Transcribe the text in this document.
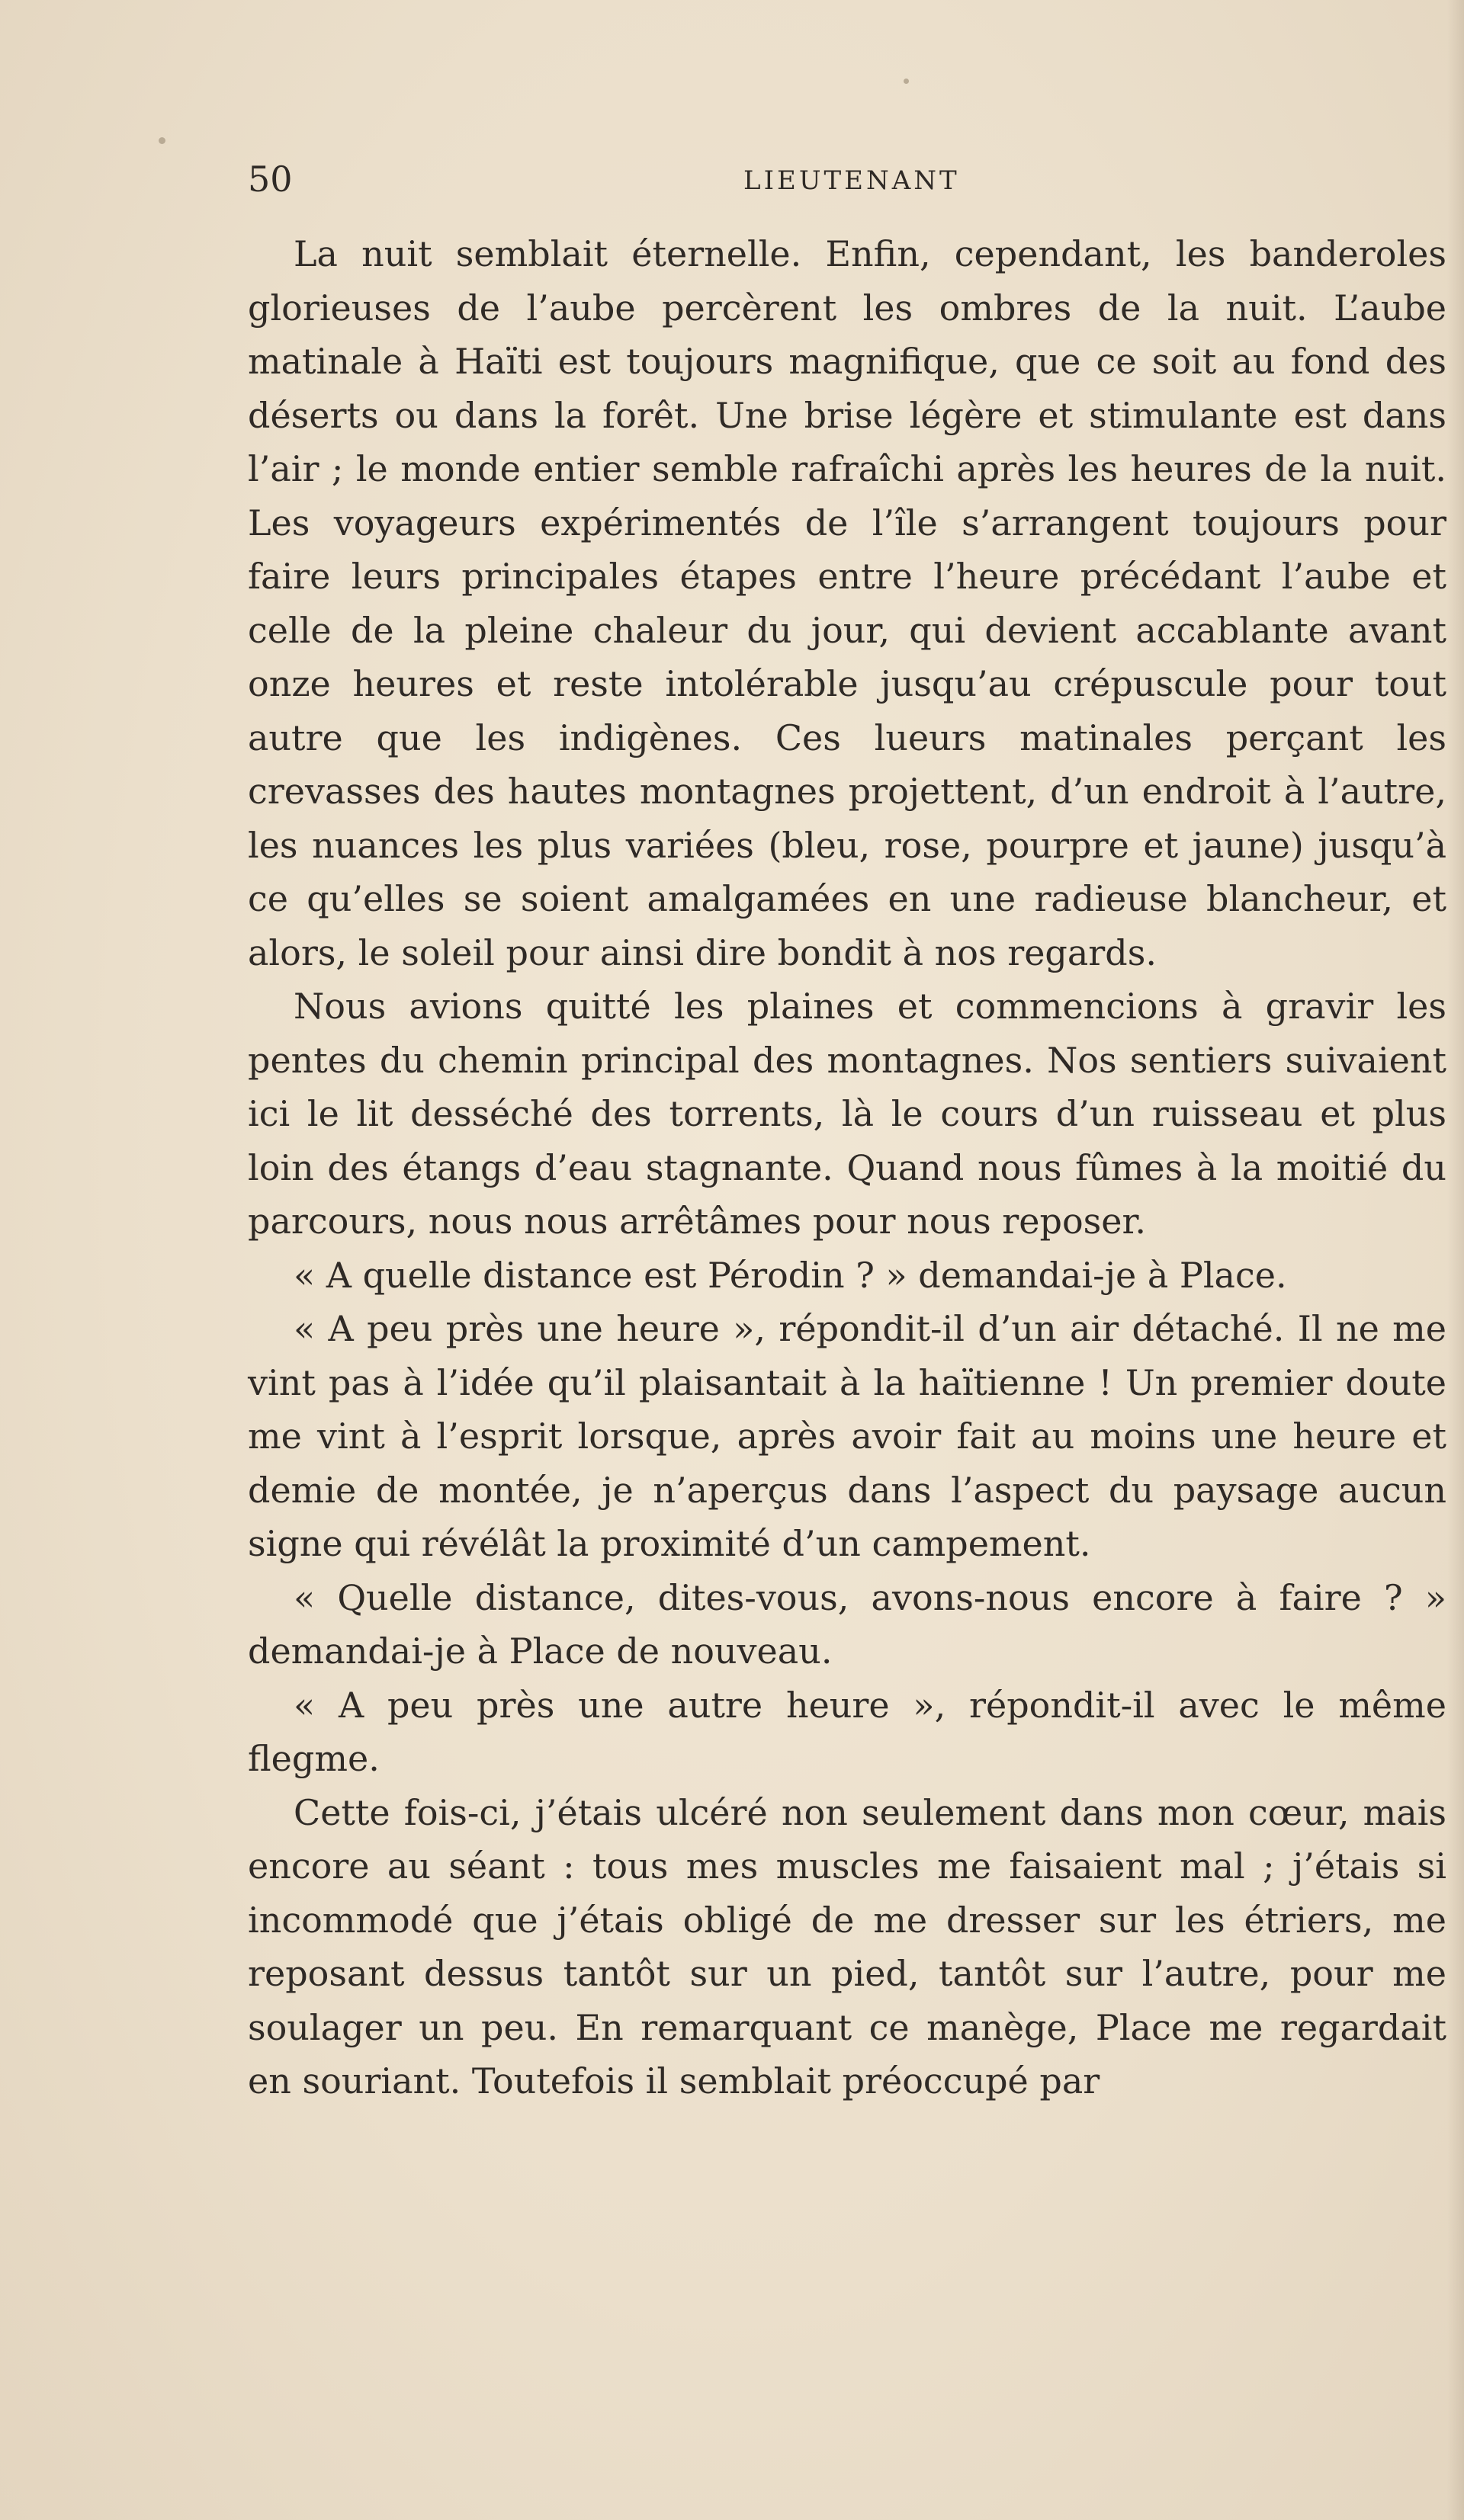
50	LIEUTENANT

La nuit semblait éternelle. Enfin, cependant, les banderoles glorieuses de l’aube percèrent les ombres de la nuit. L’aube matinale à Haïti est toujours magnifique, que ce soit au fond des déserts ou dans la forêt. Une brise légère et stimulante est dans l’air ; le monde entier semble rafraîchi après les heures de la nuit. Les voyageurs expérimentés de l’île s’arrangent toujours pour faire leurs principales étapes entre l’heure précédant l’aube et celle de la pleine chaleur du jour, qui devient accablante avant onze heures et reste intolérable jusqu’au crépuscule pour tout autre que les indigènes. Ces lueurs matinales perçant les crevasses des hautes montagnes projettent, d’un endroit à l’autre, les nuances les plus variées (bleu, rose, pourpre et jaune) jusqu’à ce qu’elles se soient amalgamées en une radieuse blancheur, et alors, le soleil pour ainsi dire bondit à nos regards.

Nous avions quitté les plaines et commencions à gravir les pentes du chemin principal des montagnes. Nos sentiers suivaient ici le lit desséché des torrents, là le cours d’un ruisseau et plus loin des étangs d’eau stagnante. Quand nous fûmes à la moitié du parcours, nous nous arrêtâmes pour nous reposer.

« A quelle distance est Pérodin ? » demandai-je à Place.

« A peu près une heure », répondit-il d’un air détaché. Il ne me vint pas à l’idée qu’il plaisantait à la haïtienne ! Un premier doute me vint à l’esprit lorsque, après avoir fait au moins une heure et demie de montée, je n’aperçus dans l’aspect du paysage aucun signe qui révélât la proximité d’un campement.

« Quelle distance, dites-vous, avons-nous encore à faire ? » demandai-je à Place de nouveau.

« A peu près une autre heure », répondit-il avec le même flegme.

Cette fois-ci, j’étais ulcéré non seulement dans mon cœur, mais encore au séant : tous mes muscles me faisaient mal ; j’étais si incommodé que j’étais obligé de me dresser sur les étriers, me reposant dessus tantôt sur un pied, tantôt sur l’autre, pour me soulager un peu. En remarquant ce manège, Place me regardait en souriant. Toutefois il semblait préoccupé par
